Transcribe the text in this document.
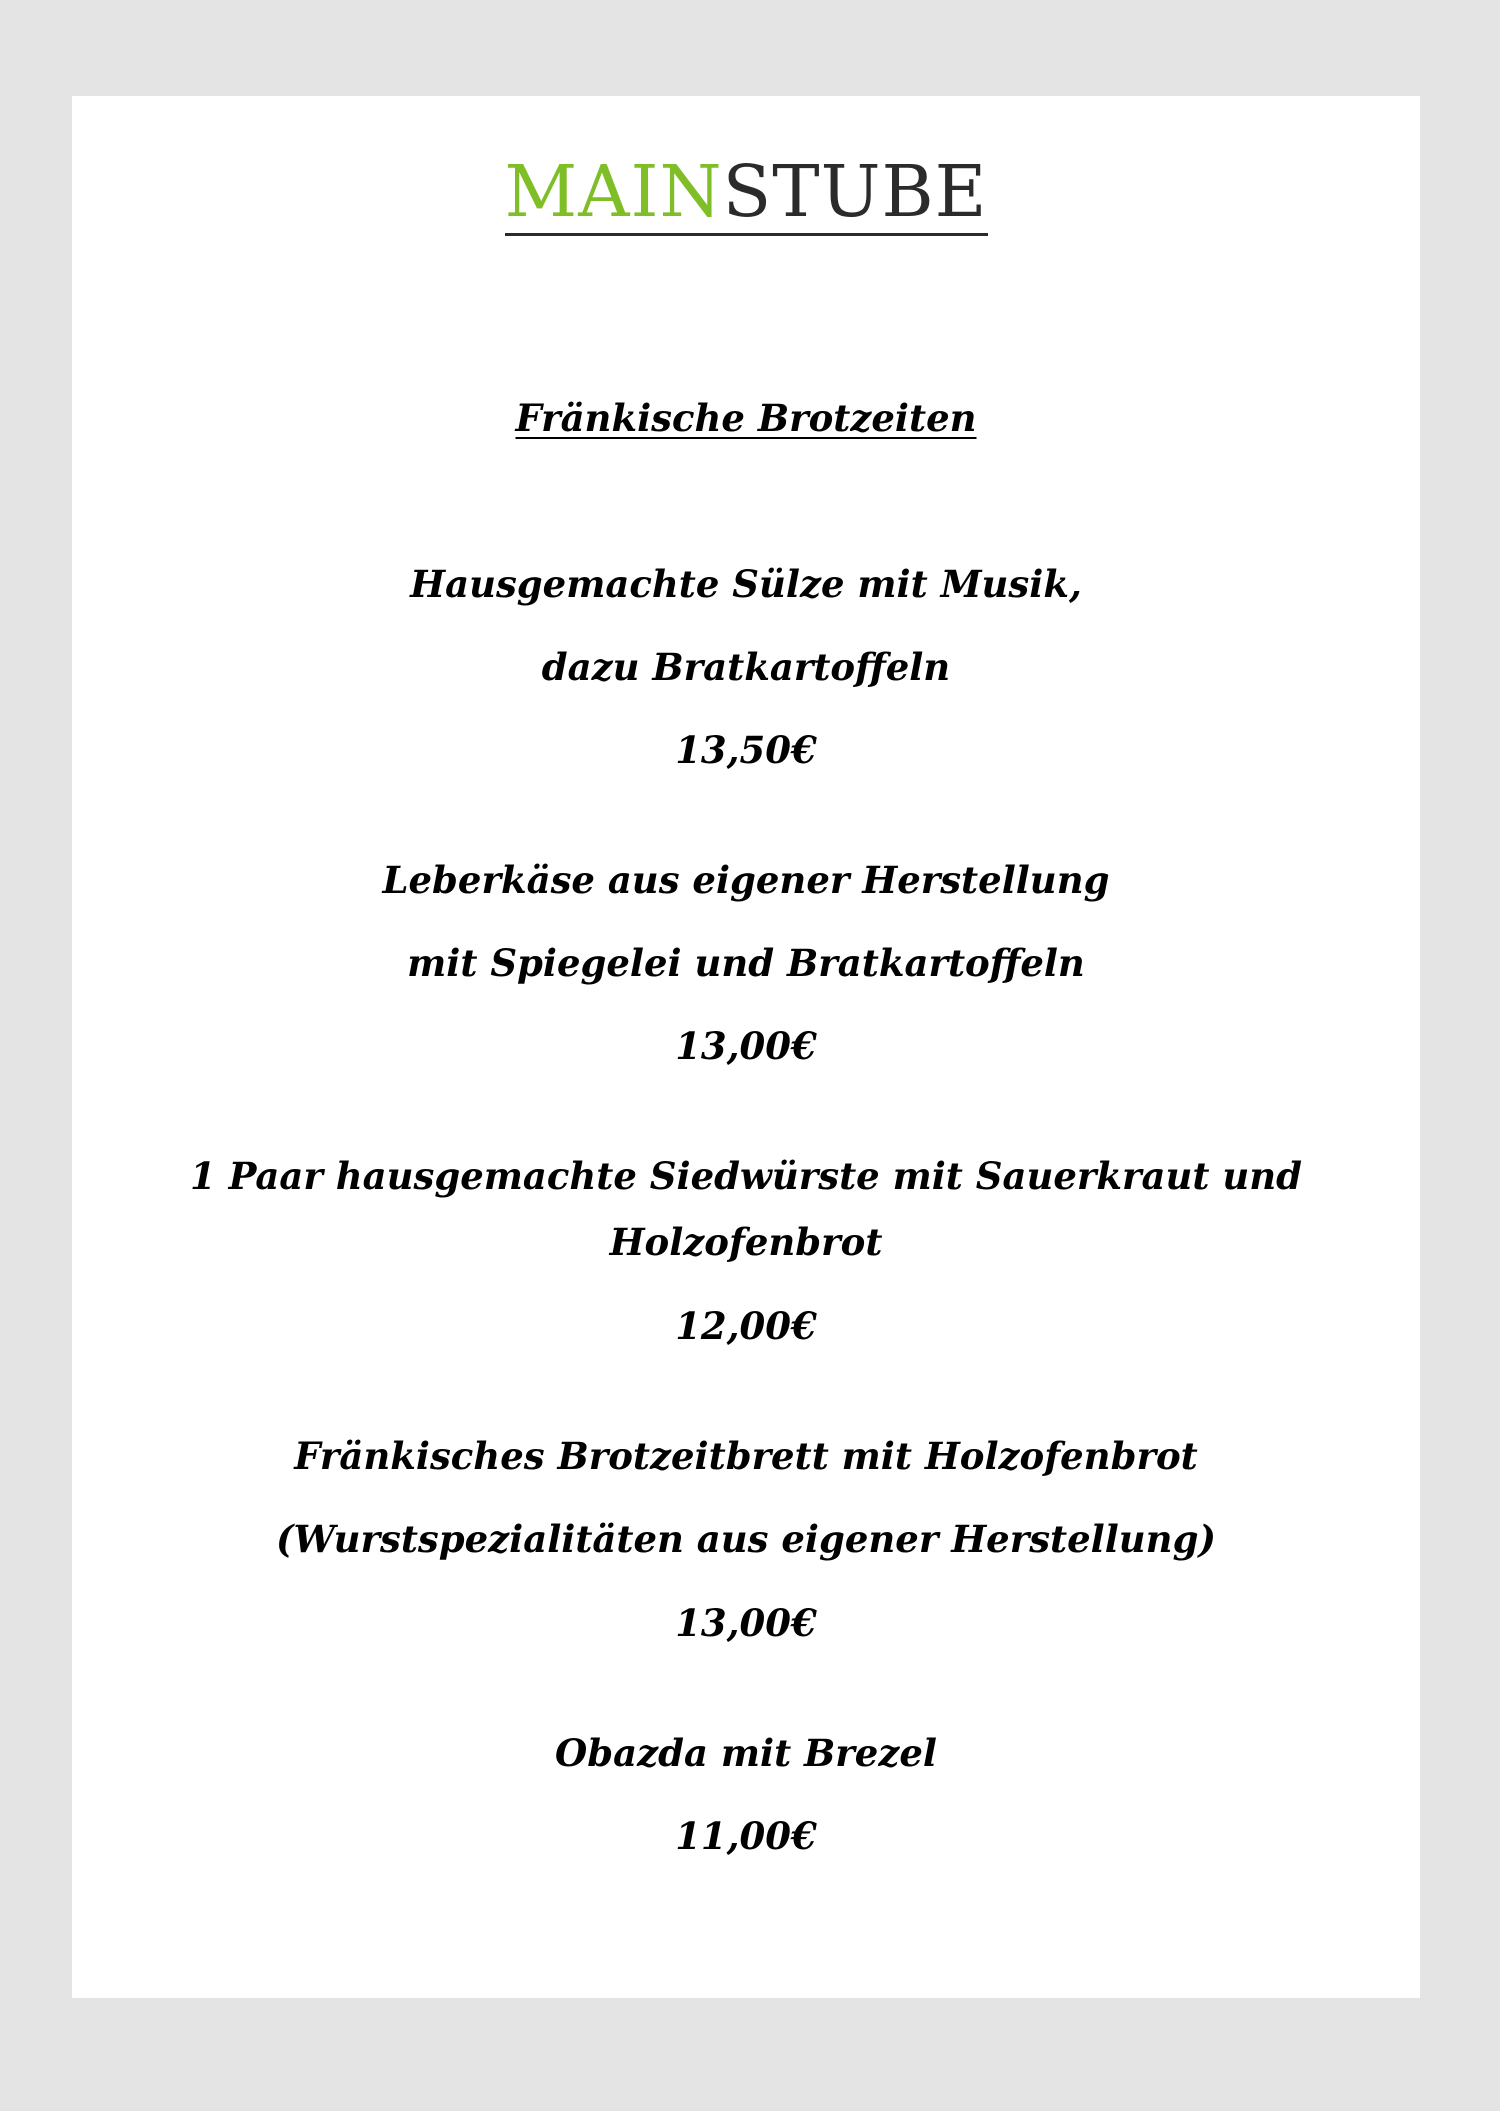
MAINSTUBE
Fränkische Brotzeiten
Hausgemachte Sülze mit Musik,
dazu Bratkartoffeln
13,50€
Leberkäse aus eigener Herstellung
mit Spiegelei und Bratkartoffeln
13,00€
1 Paar hausgemachte Siedwürste mit Sauerkraut und
Holzofenbrot
12,00€
Fränkisches Brotzeitbrett mit Holzofenbrot
(Wurstspezialitäten aus eigener Herstellung)
13,00€
Obazda mit Brezel
11,00€
